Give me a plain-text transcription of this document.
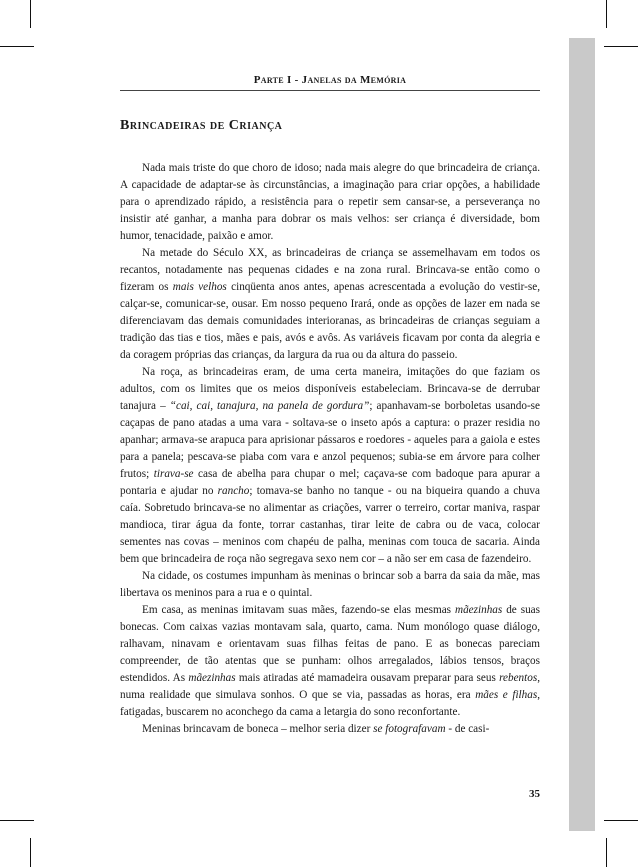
Parte I - Janelas da Memória
Brincadeiras de Criança

Nada mais triste do que choro de idoso; nada mais alegre do que brincadeira de criança. A capacidade de adaptar-se às circunstâncias, a imaginação para criar opções, a habilidade para o aprendizado rápido, a resistência para o repetir sem cansar-se, a perseverança no insistir até ganhar, a manha para dobrar os mais velhos: ser criança é diversidade, bom humor, tenacidade, paixão e amor.

Na metade do Século XX, as brincadeiras de criança se assemelhavam em todos os recantos, notadamente nas pequenas cidades e na zona rural. Brincava-se então como o fizeram os mais velhos cinqüenta anos antes, apenas acrescentada a evolução do vestir-se, calçar-se, comunicar-se, ousar. Em nosso pequeno Irará, onde as opções de lazer em nada se diferenciavam das demais comunidades interioranas, as brincadeiras de crianças seguiam a tradição das tias e tios, mães e pais, avós e avôs. As variáveis ficavam por conta da alegria e da coragem próprias das crianças, da largura da rua ou da altura do passeio.

Na roça, as brincadeiras eram, de uma certa maneira, imitações do que faziam os adultos, com os limites que os meios disponíveis estabeleciam. Brincava-se de derrubar tanajura – “cai, cai, tanajura, na panela de gordura”; apanhavam-se borboletas usando-se caçapas de pano atadas a uma vara - soltava-se o inseto após a captura: o prazer residia no apanhar; armava-se arapuca para aprisionar pássaros e roedores - aqueles para a gaiola e estes para a panela; pescava-se piaba com vara e anzol pequenos; subia-se em árvore para colher frutos; tirava-se casa de abelha para chupar o mel; caçava-se com badoque para apurar a pontaria e ajudar no rancho; tomava-se banho no tanque - ou na biqueira quando a chuva caía. Sobretudo brincava-se no alimentar as criações, varrer o terreiro, cortar maniva, raspar mandioca, tirar água da fonte, torrar castanhas, tirar leite de cabra ou de vaca, colocar sementes nas covas – meninos com chapéu de palha, meninas com touca de sacaria. Ainda bem que brincadeira de roça não segregava sexo nem cor – a não ser em casa de fazendeiro.

Na cidade, os costumes impunham às meninas o brincar sob a barra da saia da mãe, mas libertava os meninos para a rua e o quintal.

Em casa, as meninas imitavam suas mães, fazendo-se elas mesmas mãezinhas de suas bonecas. Com caixas vazias montavam sala, quarto, cama. Num monólogo quase diálogo, ralhavam, ninavam e orientavam suas filhas feitas de pano. E as bonecas pareciam compreender, de tão atentas que se punham: olhos arregalados, lábios tensos, braços estendidos. As mãezinhas mais atiradas até mamadeira ousavam preparar para seus rebentos, numa realidade que simulava sonhos. O que se via, passadas as horas, era mães e filhas, fatigadas, buscarem no aconchego da cama a letargia do sono reconfortante.

Meninas brincavam de boneca – melhor seria dizer se fotografavam - de casi-

35
